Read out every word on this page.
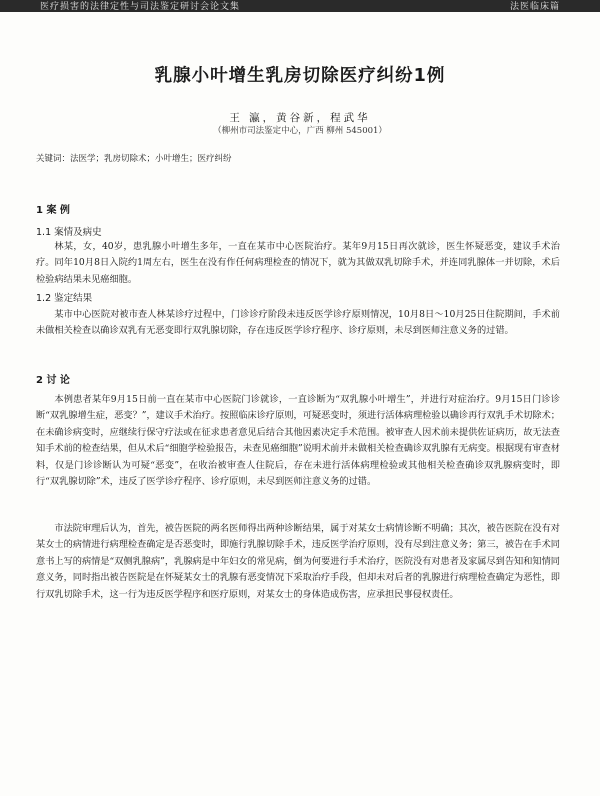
医疗损害的法律定性与司法鉴定研讨会论文集	法医临床篇
乳腺小叶增生乳房切除医疗纠纷1例
王 瀛，黄谷新，程武华
（柳州市司法鉴定中心，广西 柳州 545001）
关键词：法医学；乳房切除术；小叶增生；医疗纠纷
1 案 例
1.1 案情及病史
林某，女，40岁，患乳腺小叶增生多年，一直在某市中心医院治疗。某年9月15日再次就诊，医生怀疑恶变，建议手术治疗。同年10月8日入院约1周左右，医生在没有作任何病理检查的情况下，就为其做双乳切除手术，并连同乳腺体一并切除，术后检验病结果未见癌细胞。
1.2 鉴定结果
某市中心医院对被市查人林某诊疗过程中，门诊诊疗阶段未违反医学诊疗原则情况，10月8日～10月25日住院期间，手术前未做相关检查以确诊双乳有无恶变即行双乳腺切除，存在违反医学诊疗程序、诊疗原则，未尽到医师注意义务的过错。
2 讨 论
本例患者某年9月15日前一直在某市中心医院门诊就诊，一直诊断为“双乳腺小叶增生”，并进行对症治疗。9月15日门诊诊断“双乳腺增生症，恶变？”，建议手术治疗。按照临床诊疗原则，可疑恶变时，须进行活体病理检验以确诊再行双乳手术切除术；在未确诊病变时，应继续行保守疗法或在征求患者意见后结合其他因素决定手术范围。被审查人因术前未提供佐证病历，故无法查知手术前的检查结果，但从术后“细胞学检验报告，未查见癌细胞”说明术前并未做相关检查确诊双乳腺有无病变。根据现有审查材料，仅是门诊诊断认为可疑“恶变”，在收治被审查人住院后，存在未进行活体病理检验或其他相关检查确诊双乳腺病变时，即行“双乳腺切除”术，违反了医学诊疗程序、诊疗原则，未尽到医师注意义务的过错。
市法院审理后认为，首先，被告医院的两名医师得出两种诊断结果，属于对某女士病情诊断不明确；其次，被告医院在没有对某女士的病情进行病理检查确定是否恶变时，即施行乳腺切除手术，违反医学治疗原则，没有尽到注意义务；第三，被告在手术同意书上写的病情是“双侧乳腺病”，乳腺病是中年妇女的常见病，倒为何要进行手术治疗，医院没有对患者及家属尽到告知和知情同意义务，同时指出被告医院是在怀疑某女士的乳腺有恶变情况下采取治疗手段，但却未对后者的乳腺进行病理检查确定为恶性，即行双乳切除手术，这一行为违反医学程序和医疗原则，对某女士的身体造成伤害，应承担民事侵权责任。
